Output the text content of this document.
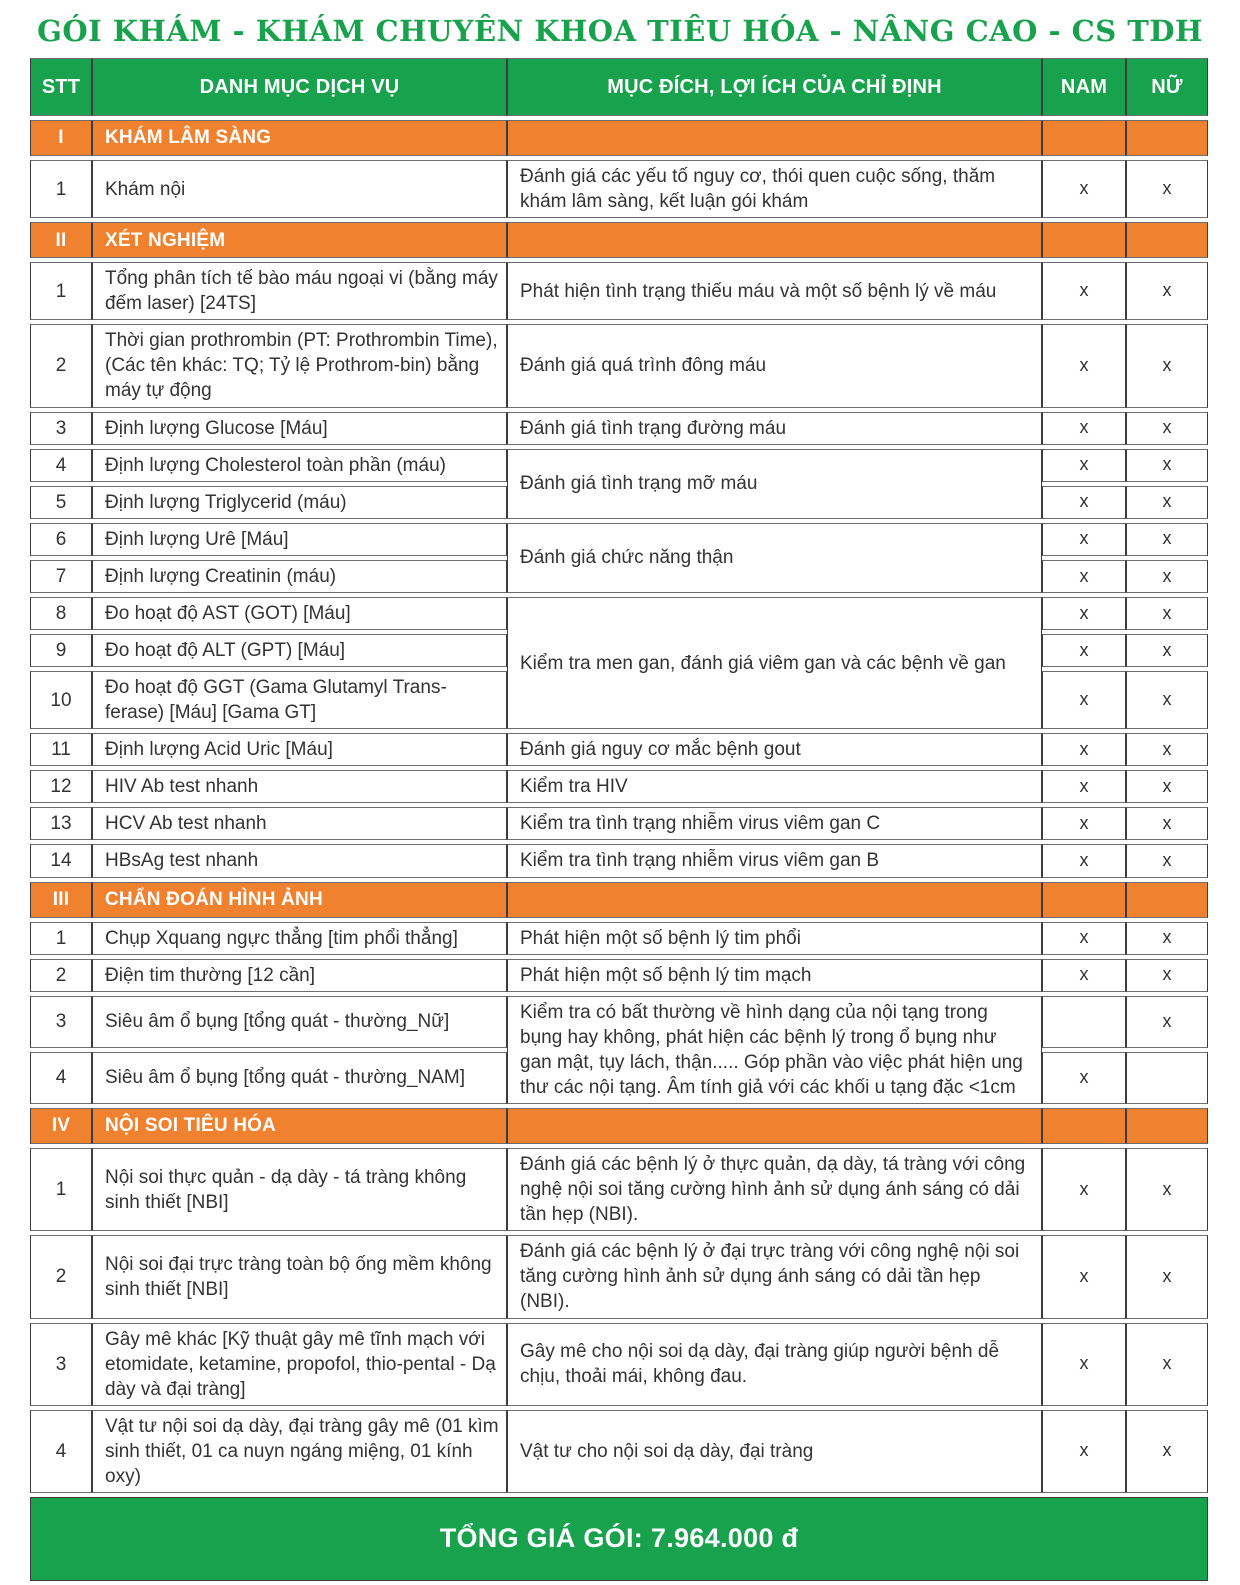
GÓI KHÁM - KHÁM CHUYÊN KHOA TIÊU HÓA - NÂNG CAO - CS TDH
STT	DANH MỤC DỊCH VỤ	MỤC ĐÍCH, LỢI ÍCH CỦA CHỈ ĐỊNH	NAM	NỮ
I	KHÁM LÂM SÀNG			
1	Khám nội	Đánh giá các yếu tố nguy cơ, thói quen cuộc sống, thăm khám lâm sàng, kết luận gói khám	x	x
II	XÉT NGHIỆM			
1	Tổng phân tích tế bào máu ngoại vi (bằng máy đếm laser) [24TS]	Phát hiện tình trạng thiếu máu và một số bệnh lý về máu	x	x
2	Thời gian prothrombin (PT: Prothrombin Time), (Các tên khác: TQ; Tỷ lệ Prothrom-bin) bằng máy tự động	Đánh giá quá trình đông máu	x	x
3	Định lượng Glucose [Máu]	Đánh giá tình trạng đường máu	x	x
4	Định lượng Cholesterol toàn phần (máu)	Đánh giá tình trạng mỡ máu	x	x
5	Định lượng Triglycerid (máu)		x	x
6	Định lượng Urê [Máu]	Đánh giá chức năng thận	x	x
7	Định lượng Creatinin (máu)		x	x
8	Đo hoạt độ AST (GOT) [Máu]	Kiểm tra men gan, đánh giá viêm gan và các bệnh về gan	x	x
9	Đo hoạt độ ALT (GPT) [Máu]		x	x
10	Đo hoạt độ GGT (Gama Glutamyl Trans-ferase) [Máu] [Gama GT]		x	x
11	Định lượng Acid Uric [Máu]	Đánh giá nguy cơ mắc bệnh gout	x	x
12	HIV Ab test nhanh	Kiểm tra HIV	x	x
13	HCV Ab test nhanh	Kiểm tra tình trạng nhiễm virus viêm gan C	x	x
14	HBsAg test nhanh	Kiểm tra tình trạng nhiễm virus viêm gan B	x	x
III	CHẨN ĐOÁN HÌNH ẢNH			
1	Chụp Xquang ngực thẳng [tim phổi thẳng]	Phát hiện một số bệnh lý tim phổi	x	x
2	Điện tim thường [12 cần]	Phát hiện một số bệnh lý tim mạch	x	x
3	Siêu âm ổ bụng [tổng quát - thường_Nữ]	Kiểm tra có bất thường về hình dạng của nội tạng trong bụng hay không, phát hiện các bệnh lý trong ổ bụng như gan mật, tụy lách, thận..... Góp phần vào việc phát hiện ung thư các nội tạng. Âm tính giả với các khối u tạng đặc <1cm		x
4	Siêu âm ổ bụng [tổng quát - thường_NAM]		x	
IV	NỘI SOI TIÊU HÓA			
1	Nội soi thực quản - dạ dày - tá tràng không sinh thiết [NBI]	Đánh giá các bệnh lý ở thực quản, dạ dày, tá tràng với công nghệ nội soi tăng cường hình ảnh sử dụng ánh sáng có dải tần hẹp (NBI).	x	x
2	Nội soi đại trực tràng toàn bộ ống mềm không sinh thiết [NBI]	Đánh giá các bệnh lý ở đại trực tràng với công nghệ nội soi tăng cường hình ảnh sử dụng ánh sáng có dải tần hẹp (NBI).	x	x
3	Gây mê khác [Kỹ thuật gây mê tĩnh mạch với etomidate, ketamine, propofol, thio-pental - Dạ dày và đại tràng]	Gây mê cho nội soi dạ dày, đại tràng giúp người bệnh dễ chịu, thoải mái, không đau.	x	x
4	Vật tư nội soi dạ dày, đại tràng gây mê (01 kìm sinh thiết, 01 ca nuyn ngáng miệng, 01 kính oxy)	Vật tư cho nội soi dạ dày, đại tràng	x	x
TỔNG GIÁ GÓI: 7.964.000 đ				
